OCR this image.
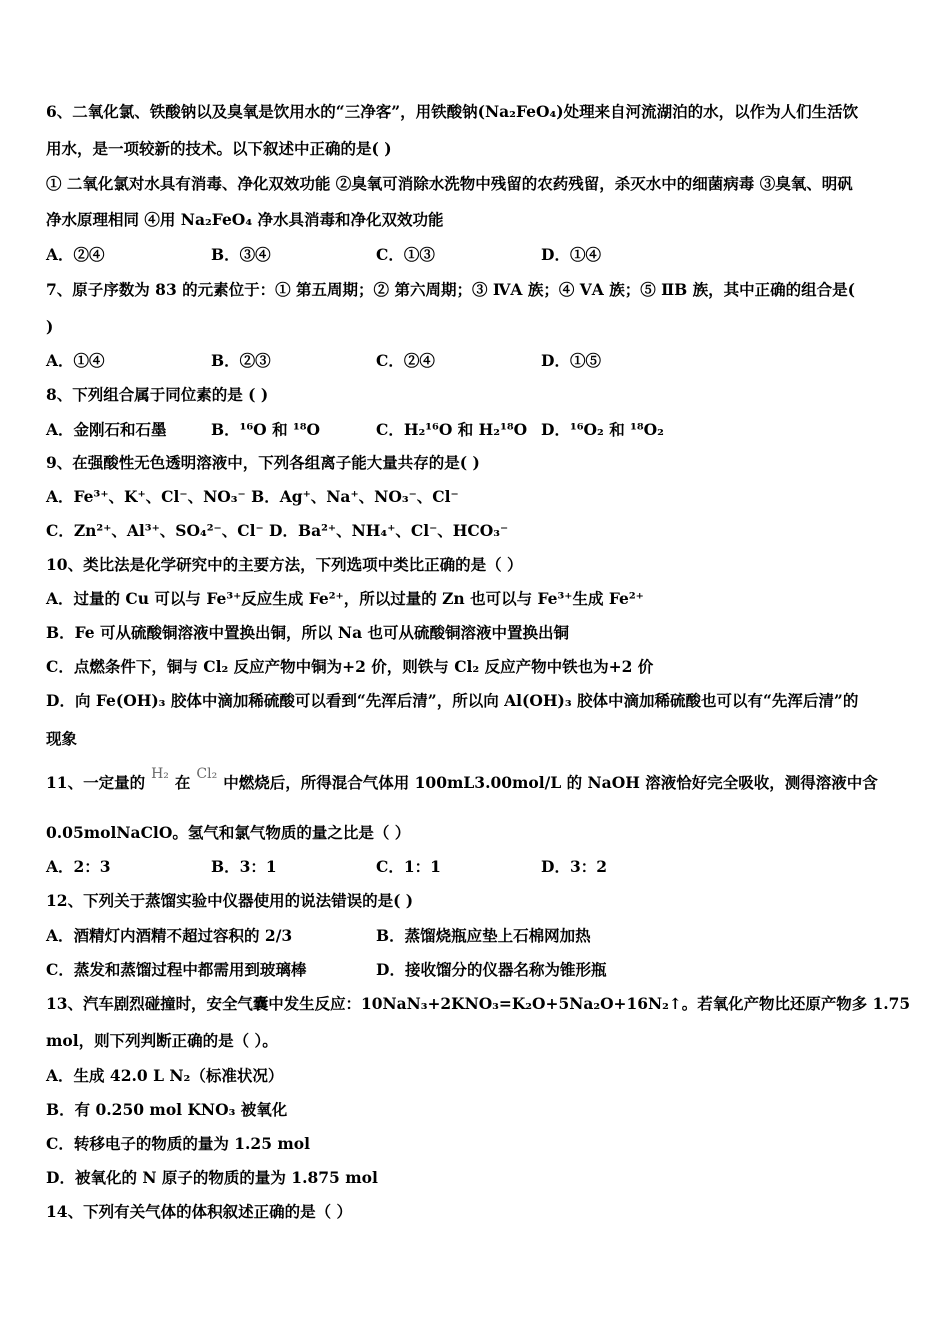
6、二氧化氯、铁酸钠以及臭氧是饮用水的“三净客”，用铁酸钠(Na₂FeO₄)处理来自河流湖泊的水，以作为人们生活饮
用水，是一项较新的技术。以下叙述中正确的是( )
① 二氧化氯对水具有消毒、净化双效功能 ②臭氧可消除水洗物中残留的农药残留，杀灭水中的细菌病毒 ③臭氧、明矾
净水原理相同 ④用 Na₂FeO₄ 净水具消毒和净化双效功能
A．②④	B．③④	C．①③	D．①④
7、原子序数为 83 的元素位于：① 第五周期；② 第六周期；③ ⅣA 族；④ ⅤA 族；⑤ ⅡB 族，其中正确的组合是(
)
A．①④	B．②③	C．②④	D．①⑤
8、下列组合属于同位素的是 ( )
A．金刚石和石墨	B．¹⁶O 和 ¹⁸O	C．H₂¹⁶O 和 H₂¹⁸O D．¹⁶O₂ 和 ¹⁸O₂
9、在强酸性无色透明溶液中，下列各组离子能大量共存的是( )
A．Fe³⁺、K⁺、Cl⁻、NO₃⁻ B．Ag⁺、Na⁺、NO₃⁻、Cl⁻
C．Zn²⁺、Al³⁺、SO₄²⁻、Cl⁻ D．Ba²⁺、NH₄⁺、Cl⁻、HCO₃⁻
10、类比法是化学研究中的主要方法，下列选项中类比正确的是（ ）
A．过量的 Cu 可以与 Fe³⁺反应生成 Fe²⁺，所以过量的 Zn 也可以与 Fe³⁺生成 Fe²⁺
B．Fe 可从硫酸铜溶液中置换出铜，所以 Na 也可从硫酸铜溶液中置换出铜
C．点燃条件下，铜与 Cl₂ 反应产物中铜为+2 价，则铁与 Cl₂ 反应产物中铁也为+2 价
D．向 Fe(OH)₃ 胶体中滴加稀硫酸可以看到“先浑后清”，所以向 Al(OH)₃ 胶体中滴加稀硫酸也可以有“先浑后清”的
现象
11、一定量的 H₂ 在 Cl₂ 中燃烧后，所得混合气体用 100mL3.00mol/L 的 NaOH 溶液恰好完全吸收，测得溶液中含
0.05molNaClO。氢气和氯气物质的量之比是（ ）
A．2：3	B．3：1	C．1：1	D．3：2
12、下列关于蒸馏实验中仪器使用的说法错误的是( )
A．酒精灯内酒精不超过容积的 2/3	B．蒸馏烧瓶应垫上石棉网加热
C．蒸发和蒸馏过程中都需用到玻璃棒	D．接收馏分的仪器名称为锥形瓶
13、汽车剧烈碰撞时，安全气囊中发生反应：10NaN₃+2KNO₃=K₂O+5Na₂O+16N₂↑。若氧化产物比还原产物多 1.75
mol，则下列判断正确的是（ ）。
A．生成 42.0 L N₂（标准状况）
B．有 0.250 mol KNO₃ 被氧化
C．转移电子的物质的量为 1.25 mol
D．被氧化的 N 原子的物质的量为 1.875 mol
14、下列有关气体的体积叙述正确的是（ ）
